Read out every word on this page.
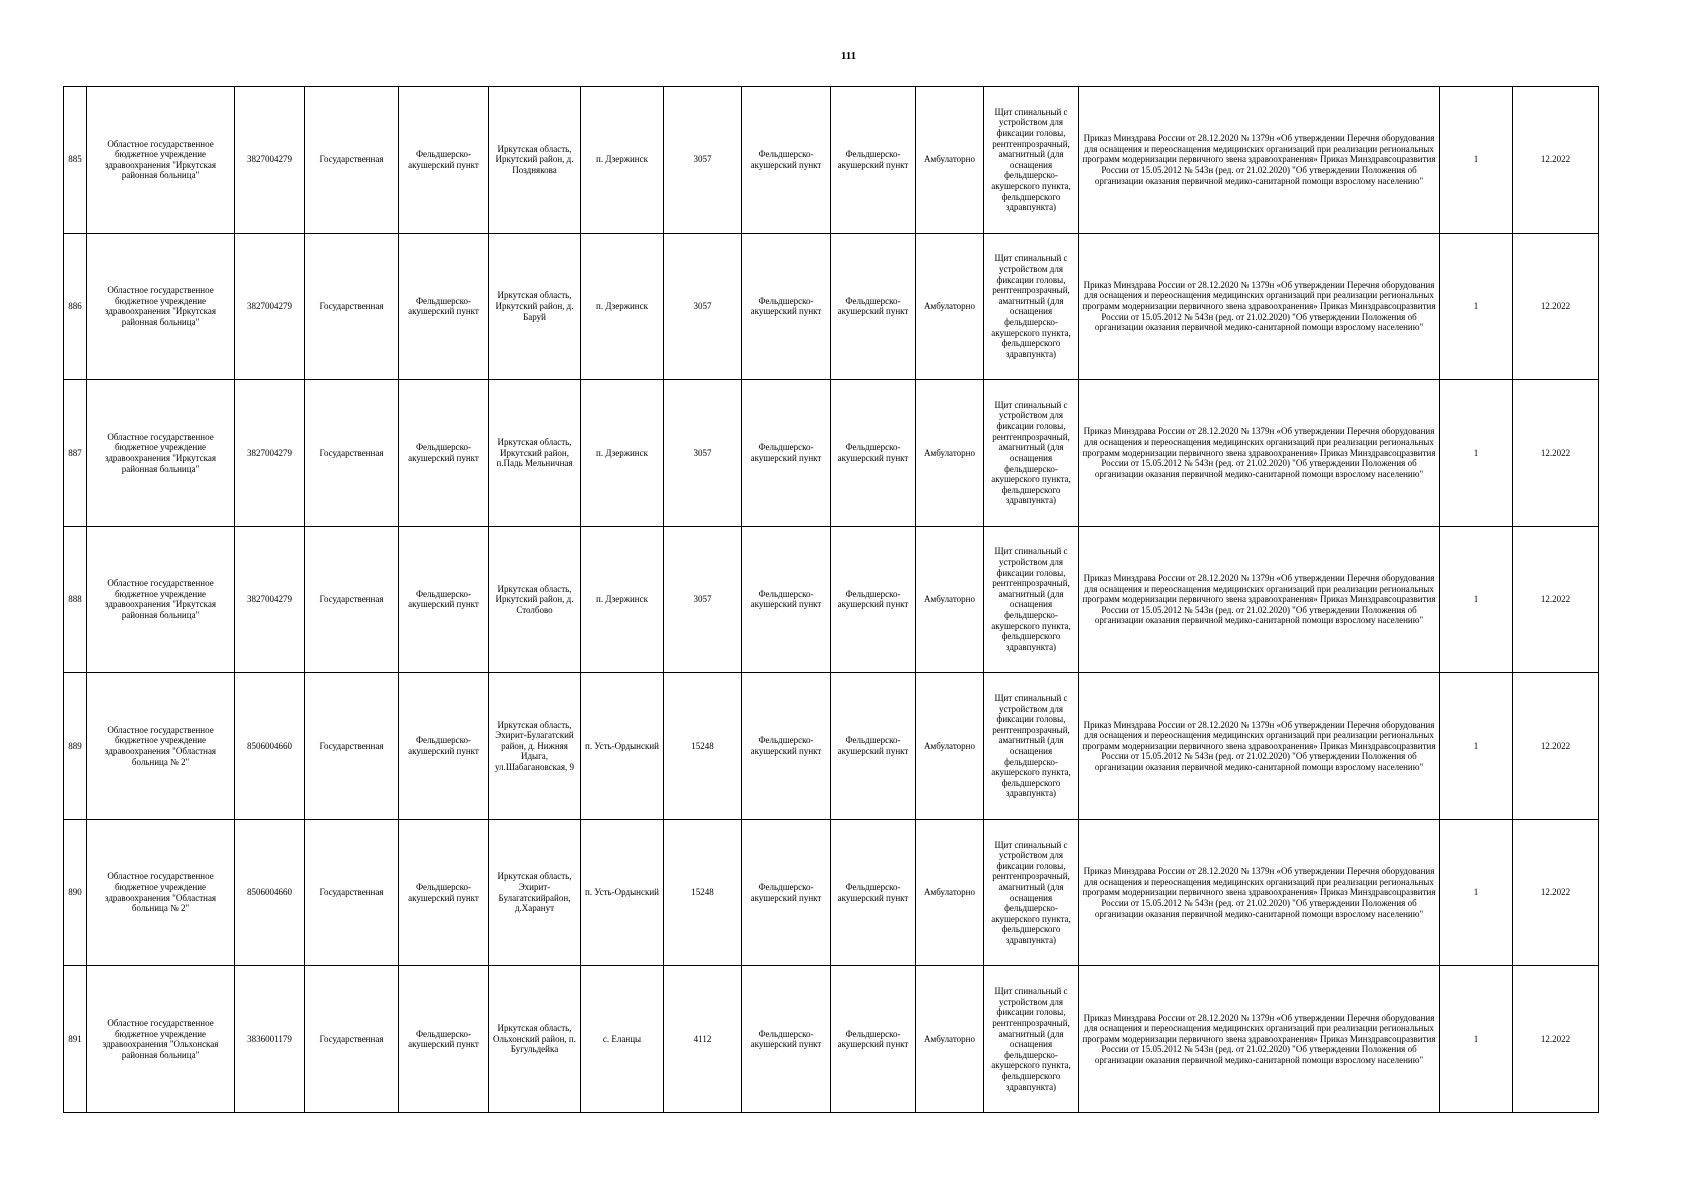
111
885	Областное государственное бюджетное учреждение здравоохранения "Иркутская районная больница"	3827004279	Государственная	Фельдшерско-акушерский пункт	Иркутская область, Иркутский район, д. Позднякова	п. Дзержинск	3057	Фельдшерско-акушерский пункт	Фельдшерско-акушерский пункт	Амбулаторно	Щит спинальный с устройством для фиксации головы, рентгенпрозрачный, амагнитный (для оснащения фельдшерско-акушерского пункта, фельдшерского здравпункта)	Приказ Минздрава России от 28.12.2020 № 1379н «Об утверждении Перечня оборудования для оснащения и переоснащения медицинских организаций при реализации региональных программ модернизации первичного звена здравоохранения» Приказ Минздравсоцразвития России от 15.05.2012 № 543н (ред. от 21.02.2020) "Об утверждении Положения об организации оказания первичной медико-санитарной помощи взрослому населению"	1	12.2022
886	Областное государственное бюджетное учреждение здравоохранения "Иркутская районная больница"	3827004279	Государственная	Фельдшерско-акушерский пункт	Иркутская область, Иркутский район, д. Баруй	п. Дзержинск	3057	Фельдшерско-акушерский пункт	Фельдшерско-акушерский пункт	Амбулаторно	Щит спинальный с устройством для фиксации головы, рентгенпрозрачный, амагнитный (для оснащения фельдшерско-акушерского пункта, фельдшерского здравпункта)	Приказ Минздрава России от 28.12.2020 № 1379н «Об утверждении Перечня оборудования для оснащения и переоснащения медицинских организаций при реализации региональных программ модернизации первичного звена здравоохранения» Приказ Минздравсоцразвития России от 15.05.2012 № 543н (ред. от 21.02.2020) "Об утверждении Положения об организации оказания первичной медико-санитарной помощи взрослому населению"	1	12.2022
887	Областное государственное бюджетное учреждение здравоохранения "Иркутская районная больница"	3827004279	Государственная	Фельдшерско-акушерский пункт	Иркутская область, Иркутский район, п.Падь Мельничная	п. Дзержинск	3057	Фельдшерско-акушерский пункт	Фельдшерско-акушерский пункт	Амбулаторно	Щит спинальный с устройством для фиксации головы, рентгенпрозрачный, амагнитный (для оснащения фельдшерско-акушерского пункта, фельдшерского здравпункта)	Приказ Минздрава России от 28.12.2020 № 1379н «Об утверждении Перечня оборудования для оснащения и переоснащения медицинских организаций при реализации региональных программ модернизации первичного звена здравоохранения» Приказ Минздравсоцразвития России от 15.05.2012 № 543н (ред. от 21.02.2020) "Об утверждении Положения об организации оказания первичной медико-санитарной помощи взрослому населению"	1	12.2022
888	Областное государственное бюджетное учреждение здравоохранения "Иркутская районная больница"	3827004279	Государственная	Фельдшерско-акушерский пункт	Иркутская область, Иркутский район, д. Столбово	п. Дзержинск	3057	Фельдшерско-акушерский пункт	Фельдшерско-акушерский пункт	Амбулаторно	Щит спинальный с устройством для фиксации головы, рентгенпрозрачный, амагнитный (для оснащения фельдшерско-акушерского пункта, фельдшерского здравпункта)	Приказ Минздрава России от 28.12.2020 № 1379н «Об утверждении Перечня оборудования для оснащения и переоснащения медицинских организаций при реализации региональных программ модернизации первичного звена здравоохранения» Приказ Минздравсоцразвития России от 15.05.2012 № 543н (ред. от 21.02.2020) "Об утверждении Положения об организации оказания первичной медико-санитарной помощи взрослому населению"	1	12.2022
889	Областное государственное бюджетное учреждение здравоохранения "Областная больница № 2"	8506004660	Государственная	Фельдшерско-акушерский пункт	Иркутская область, Эхирит-Булагатский район, д. Нижняя Идыга, ул.Шабагановская, 9	п. Усть-Ордынский	15248	Фельдшерско-акушерский пункт	Фельдшерско-акушерский пункт	Амбулаторно	Щит спинальный с устройством для фиксации головы, рентгенпрозрачный, амагнитный (для оснащения фельдшерско-акушерского пункта, фельдшерского здравпункта)	Приказ Минздрава России от 28.12.2020 № 1379н «Об утверждении Перечня оборудования для оснащения и переоснащения медицинских организаций при реализации региональных программ модернизации первичного звена здравоохранения» Приказ Минздравсоцразвития России от 15.05.2012 № 543н (ред. от 21.02.2020) "Об утверждении Положения об организации оказания первичной медико-санитарной помощи взрослому населению"	1	12.2022
890	Областное государственное бюджетное учреждение здравоохранения "Областная больница № 2"	8506004660	Государственная	Фельдшерско-акушерский пункт	Иркутская область, Эхирит-Булагатскийрайон, д.Харанут	п. Усть-Ордынский	15248	Фельдшерско-акушерский пункт	Фельдшерско-акушерский пункт	Амбулаторно	Щит спинальный с устройством для фиксации головы, рентгенпрозрачный, амагнитный (для оснащения фельдшерско-акушерского пункта, фельдшерского здравпункта)	Приказ Минздрава России от 28.12.2020 № 1379н «Об утверждении Перечня оборудования для оснащения и переоснащения медицинских организаций при реализации региональных программ модернизации первичного звена здравоохранения» Приказ Минздравсоцразвития России от 15.05.2012 № 543н (ред. от 21.02.2020) "Об утверждении Положения об организации оказания первичной медико-санитарной помощи взрослому населению"	1	12.2022
891	Областное государственное бюджетное учреждение здравоохранения "Ольхонская районная больница"	3836001179	Государственная	Фельдшерско-акушерский пункт	Иркутская область, Ольхонский район, п. Бугульдейка	с. Еланцы	4112	Фельдшерско-акушерский пункт	Фельдшерско-акушерский пункт	Амбулаторно	Щит спинальный с устройством для фиксации головы, рентгенпрозрачный, амагнитный (для оснащения фельдшерско-акушерского пункта, фельдшерского здравпункта)	Приказ Минздрава России от 28.12.2020 № 1379н «Об утверждении Перечня оборудования для оснащения и переоснащения медицинских организаций при реализации региональных программ модернизации первичного звена здравоохранения» Приказ Минздравсоцразвития России от 15.05.2012 № 543н (ред. от 21.02.2020) "Об утверждении Положения об организации оказания первичной медико-санитарной помощи взрослому населению"	1	12.2022
